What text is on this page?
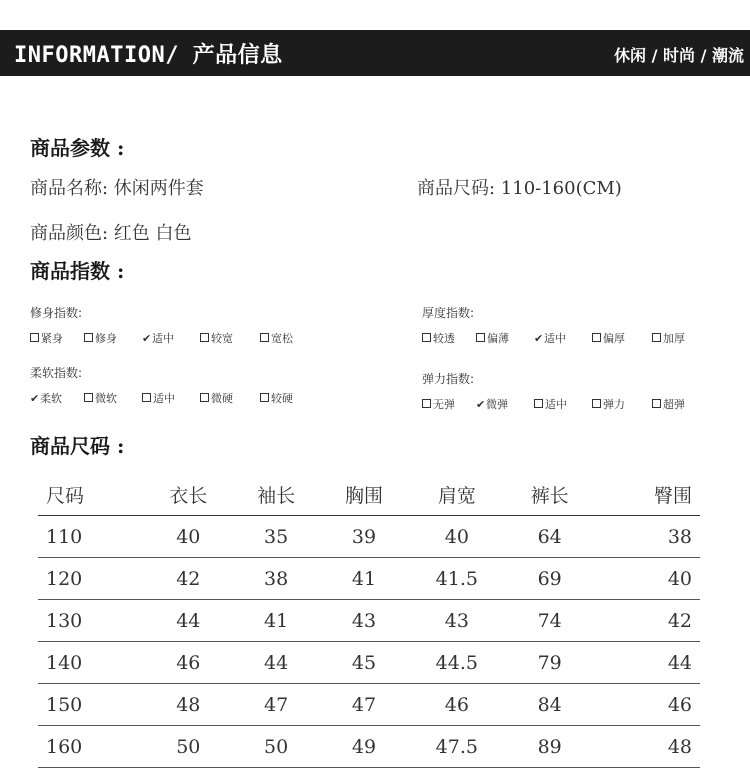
INFORMATION/ 产品信息	休闲 / 时尚 / 潮流
商品参数 :
商品名称: 休闲两件套	商品尺码: 110-160(CM)
商品颜色: 红色 白色
商品指数 :
修身指数:
紧身	修身 ✔适中	较宽	宽松
厚度指数:
较透	偏薄 ✔适中	偏厚	加厚
柔软指数:
✔柔软	微软	适中	微硬	较硬
弹力指数:
无弹 ✔微弹	适中	弹力	超弹
商品尺码 :
尺码	衣长	袖长	胸围	肩宽	裤长	臀围
110	40	35	39	40	64	38
120	42	38	41	41.5	69	40
130	44	41	43	43	74	42
140	46	44	45	44.5	79	44
150	48	47	47	46	84	46
160	50	50	49	47.5	89	48
